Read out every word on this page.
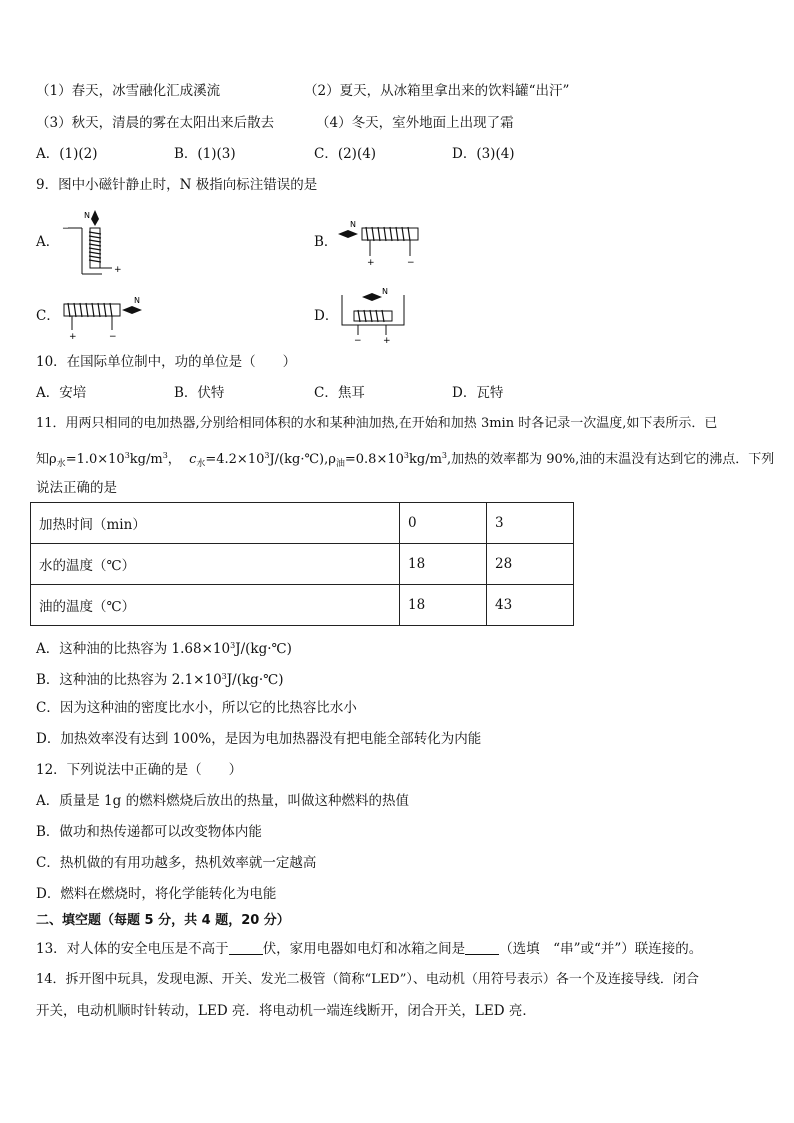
（1）春天，冰雪融化汇成溪流	（2）夏天，从冰箱里拿出来的饮料罐“出汗”
（3）秋天，清晨的雾在太阳出来后散去	（4）冬天，室外地面上出现了霜
A．(1)(2)	B．(1)(3)	C．(2)(4)	D．(3)(4)
9．图中小磁针静止时，N 极指向标注错误的是
A．
N
−
+
B．
N
+	−
C．
N
+	−
D．
N
− +
10．在国际单位制中，功的单位是（　　）
A．安培	B．伏特	C．焦耳	D．瓦特
11．用两只相同的电加热器,分别给相同体积的水和某种油加热,在开始和加热 3min 时各记录一次温度,如下表所示．已
知$\rho_水=1.0\times 10^3kg/m^3$，  $c_水=4.2\times 10^3J/(kg\cdot℃),\rho_油=0.8\times 10^3kg/m^3$,加热的效率都为 90%,油的末温没有达到它的沸点．下列
说法正确的是
加热时间（min）	0	3
水的温度（℃）	18	28
油的温度（℃）	18	43
A．这种油的比热容为 $1.68\times 10^3J/(kg\cdot℃)$
B．这种油的比热容为 $2.1\times 10^3J/(kg\cdot℃)$
C．因为这种油的密度比水小，所以它的比热容比水小
D．加热效率没有达到 100%，是因为电加热器没有把电能全部转化为内能
12．下列说法中正确的是（　　）
A．质量是 1g 的燃料燃烧后放出的热量，叫做这种燃料的热值
B．做功和热传递都可以改变物体内能
C．热机做的有用功越多，热机效率就一定越高
D．燃料在燃烧时，将化学能转化为电能
二、填空题（每题 5 分，共 4 题，20 分）
13．对人体的安全电压是不高于	伏，家用电器如电灯和冰箱之间是	（选填　“串”或“并”）联连接的。
14．拆开图中玩具，发现电源、开关、发光二极管（简称“LED”）、电动机（用符号表示）各一个及连接导线．闭合
开关，电动机顺时针转动，LED 亮．将电动机一端连线断开，闭合开关，LED 亮．
